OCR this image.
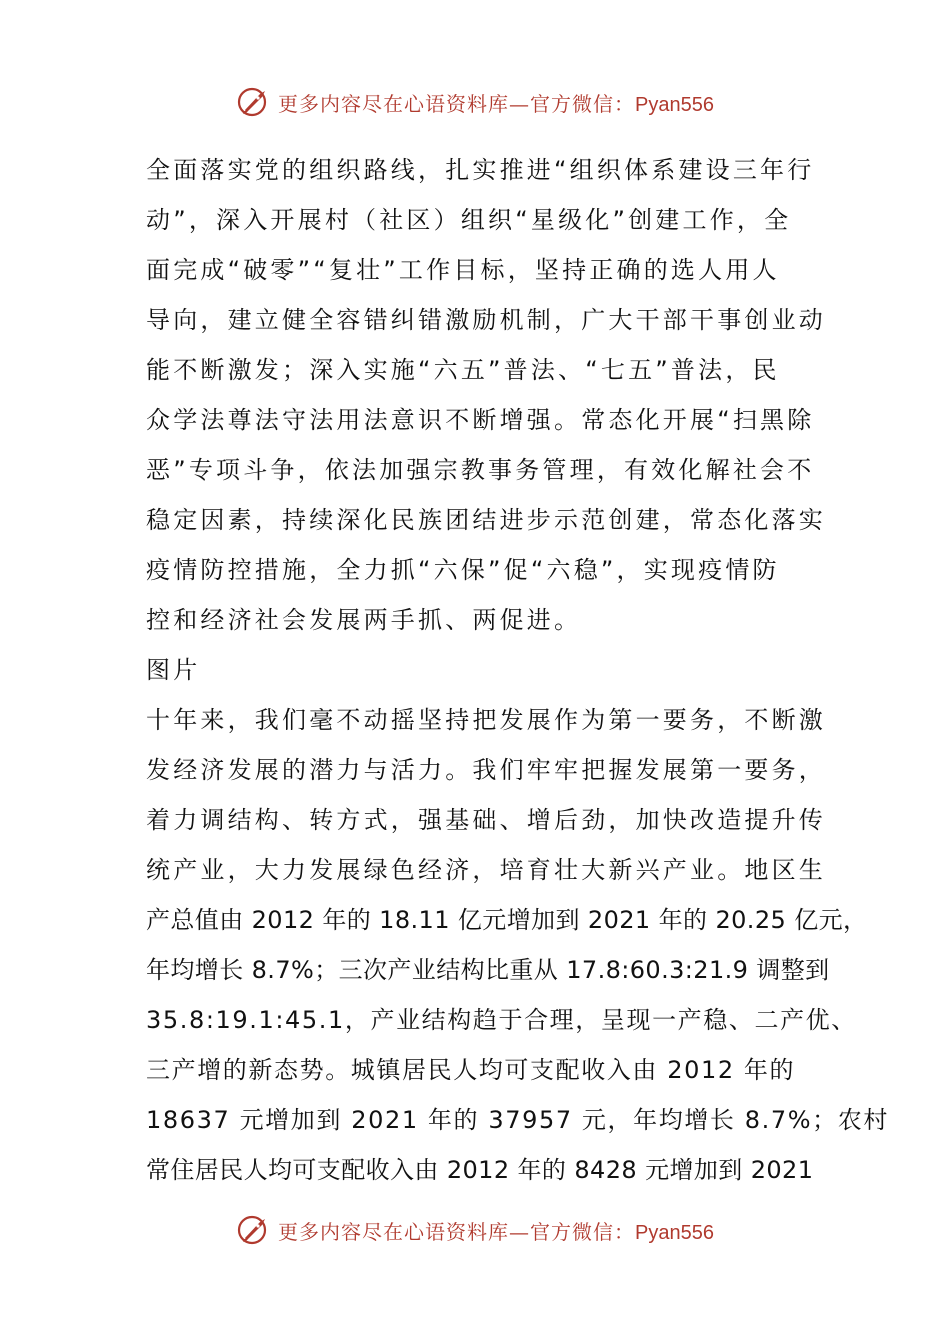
更多内容尽在心语资料库—官方微信：Pyan556
全面落实党的组织路线，扎实推进“组织体系建设三年行
动”，深入开展村（社区）组织“星级化”创建工作，全
面完成“破零”“复壮”工作目标，坚持正确的选人用人
导向，建立健全容错纠错激励机制，广大干部干事创业动
能不断激发；深入实施“六五”普法、“七五”普法，民
众学法尊法守法用法意识不断增强。常态化开展“扫黑除
恶”专项斗争，依法加强宗教事务管理，有效化解社会不
稳定因素，持续深化民族团结进步示范创建，常态化落实
疫情防控措施，全力抓“六保”促“六稳”，实现疫情防
控和经济社会发展两手抓、两促进。
图片
十年来，我们毫不动摇坚持把发展作为第一要务，不断激
发经济发展的潜力与活力。我们牢牢把握发展第一要务，
着力调结构、转方式，强基础、增后劲，加快改造提升传
统产业，大力发展绿色经济，培育壮大新兴产业。地区生
产总值由 2012 年的 18.11 亿元增加到 2021 年的 20.25 亿元，
年均增长 8.7%；三次产业结构比重从 17.8:60.3:21.9 调整到
35.8:19.1:45.1，产业结构趋于合理，呈现一产稳、二产优、
三产增的新态势。城镇居民人均可支配收入由 2012 年的
18637 元增加到 2021 年的 37957 元，年均增长 8.7%；农村
常住居民人均可支配收入由 2012 年的 8428 元增加到 2021
更多内容尽在心语资料库—官方微信：Pyan556
